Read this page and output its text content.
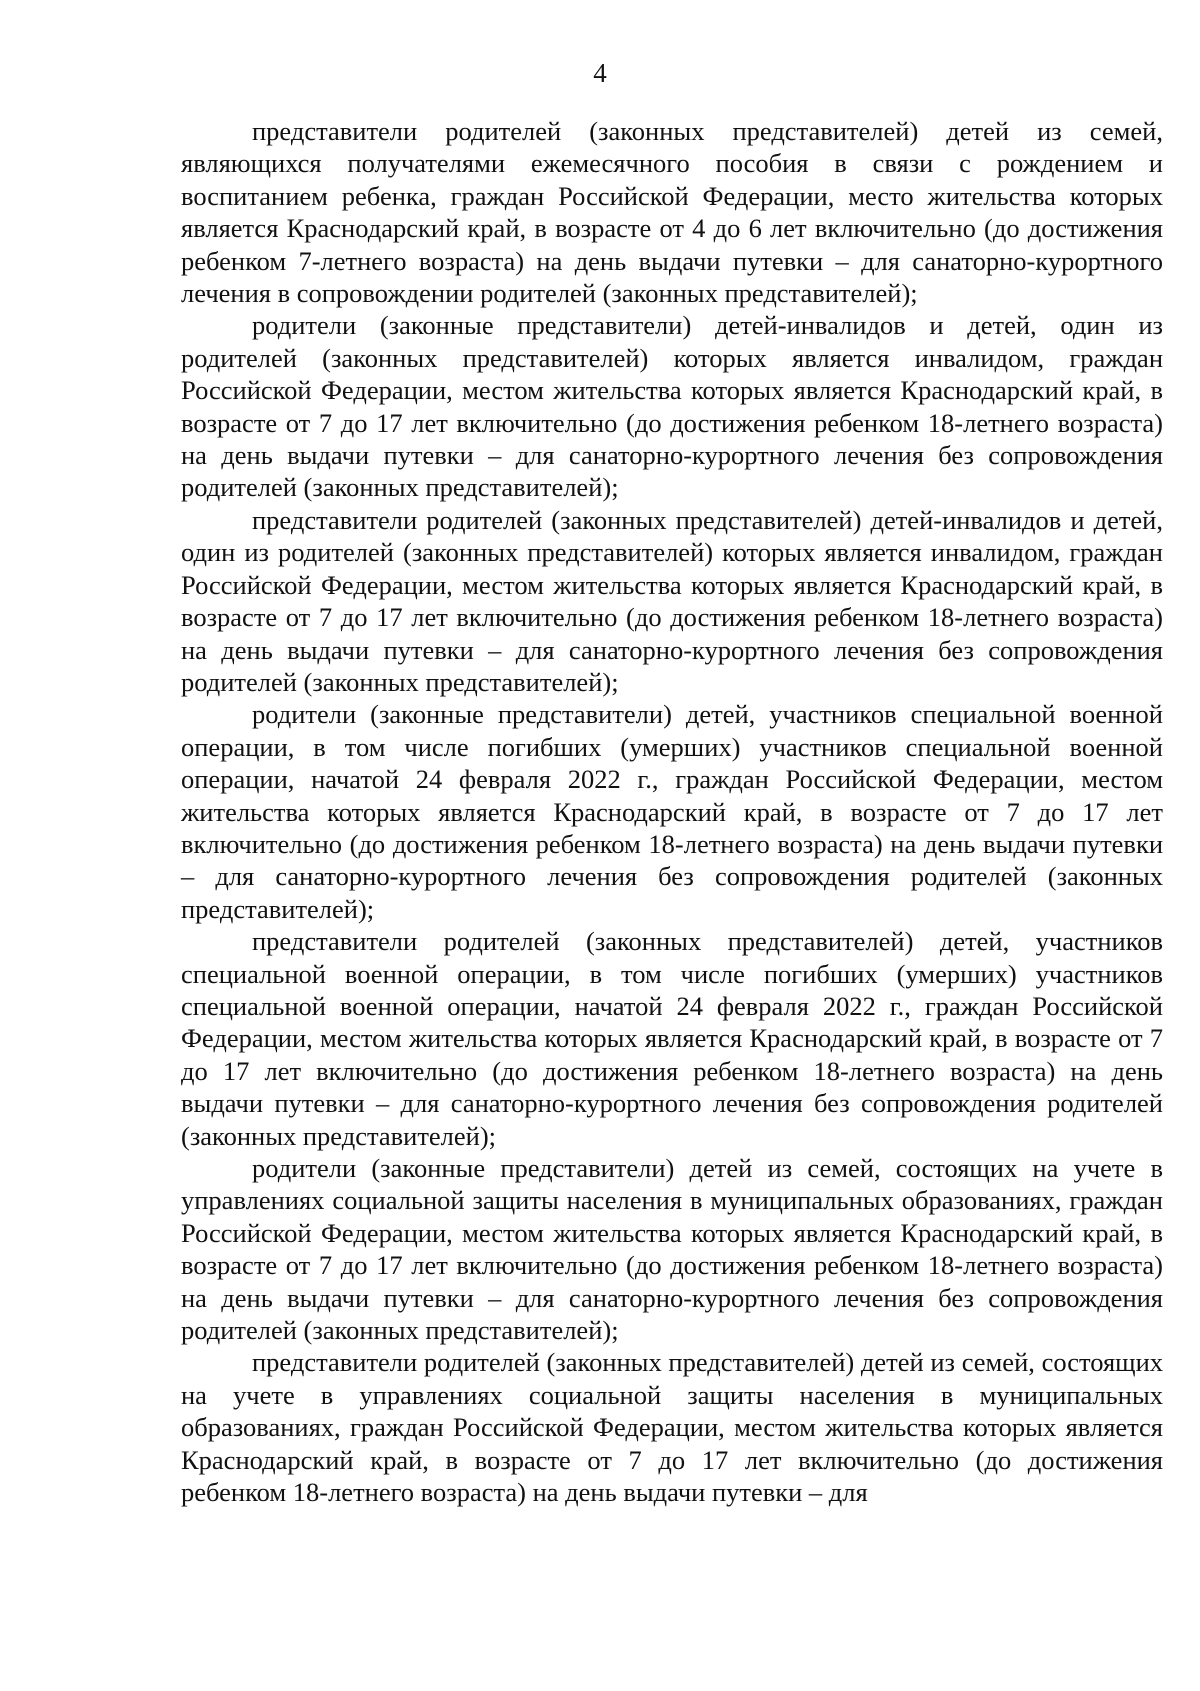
4

представители родителей (законных представителей) детей из семей, являющихся получателями ежемесячного пособия в связи с рождением и воспитанием ребенка, граждан Российской Федерации, место жительства которых является Краснодарский край, в возрасте от 4 до 6 лет включительно (до достижения ребенком 7-летнего возраста) на день выдачи путевки – для санаторно-курортного лечения в сопровождении родителей (законных представителей);

родители (законные представители) детей-инвалидов и детей, один из родителей (законных представителей) которых является инвалидом, граждан Российской Федерации, местом жительства которых является Краснодарский край, в возрасте от 7 до 17 лет включительно (до достижения ребенком 18-летнего возраста) на день выдачи путевки – для санаторно-курортного лечения без сопровождения родителей (законных представителей);

представители родителей (законных представителей) детей-инвалидов и детей, один из родителей (законных представителей) которых является инвалидом, граждан Российской Федерации, местом жительства которых является Краснодарский край, в возрасте от 7 до 17 лет включительно (до достижения ребенком 18-летнего возраста) на день выдачи путевки – для санаторно-курортного лечения без сопровождения родителей (законных представителей);

родители (законные представители) детей, участников специальной военной операции, в том числе погибших (умерших) участников специальной военной операции, начатой 24 февраля 2022 г., граждан Российской Федерации, местом жительства которых является Краснодарский край, в возрасте от 7 до 17 лет включительно (до достижения ребенком 18-летнего возраста) на день выдачи путевки – для санаторно-курортного лечения без сопровождения родителей (законных представителей);

представители родителей (законных представителей) детей, участников специальной военной операции, в том числе погибших (умерших) участников специальной военной операции, начатой 24 февраля 2022 г., граждан Российской Федерации, местом жительства которых является Краснодарский край, в возрасте от 7 до 17 лет включительно (до достижения ребенком 18-летнего возраста) на день выдачи путевки – для санаторно-курортного лечения без сопровождения родителей (законных представителей);

родители (законные представители) детей из семей, состоящих на учете в управлениях социальной защиты населения в муниципальных образованиях, граждан Российской Федерации, местом жительства которых является Краснодарский край, в возрасте от 7 до 17 лет включительно (до достижения ребенком 18-летнего возраста) на день выдачи путевки – для санаторно-курортного лечения без сопровождения родителей (законных представителей);

представители родителей (законных представителей) детей из семей, состоящих на учете в управлениях социальной защиты населения в муниципальных образованиях, граждан Российской Федерации, местом жительства которых является Краснодарский край, в возрасте от 7 до 17 лет включительно (до достижения ребенком 18-летнего возраста) на день выдачи путевки – для
